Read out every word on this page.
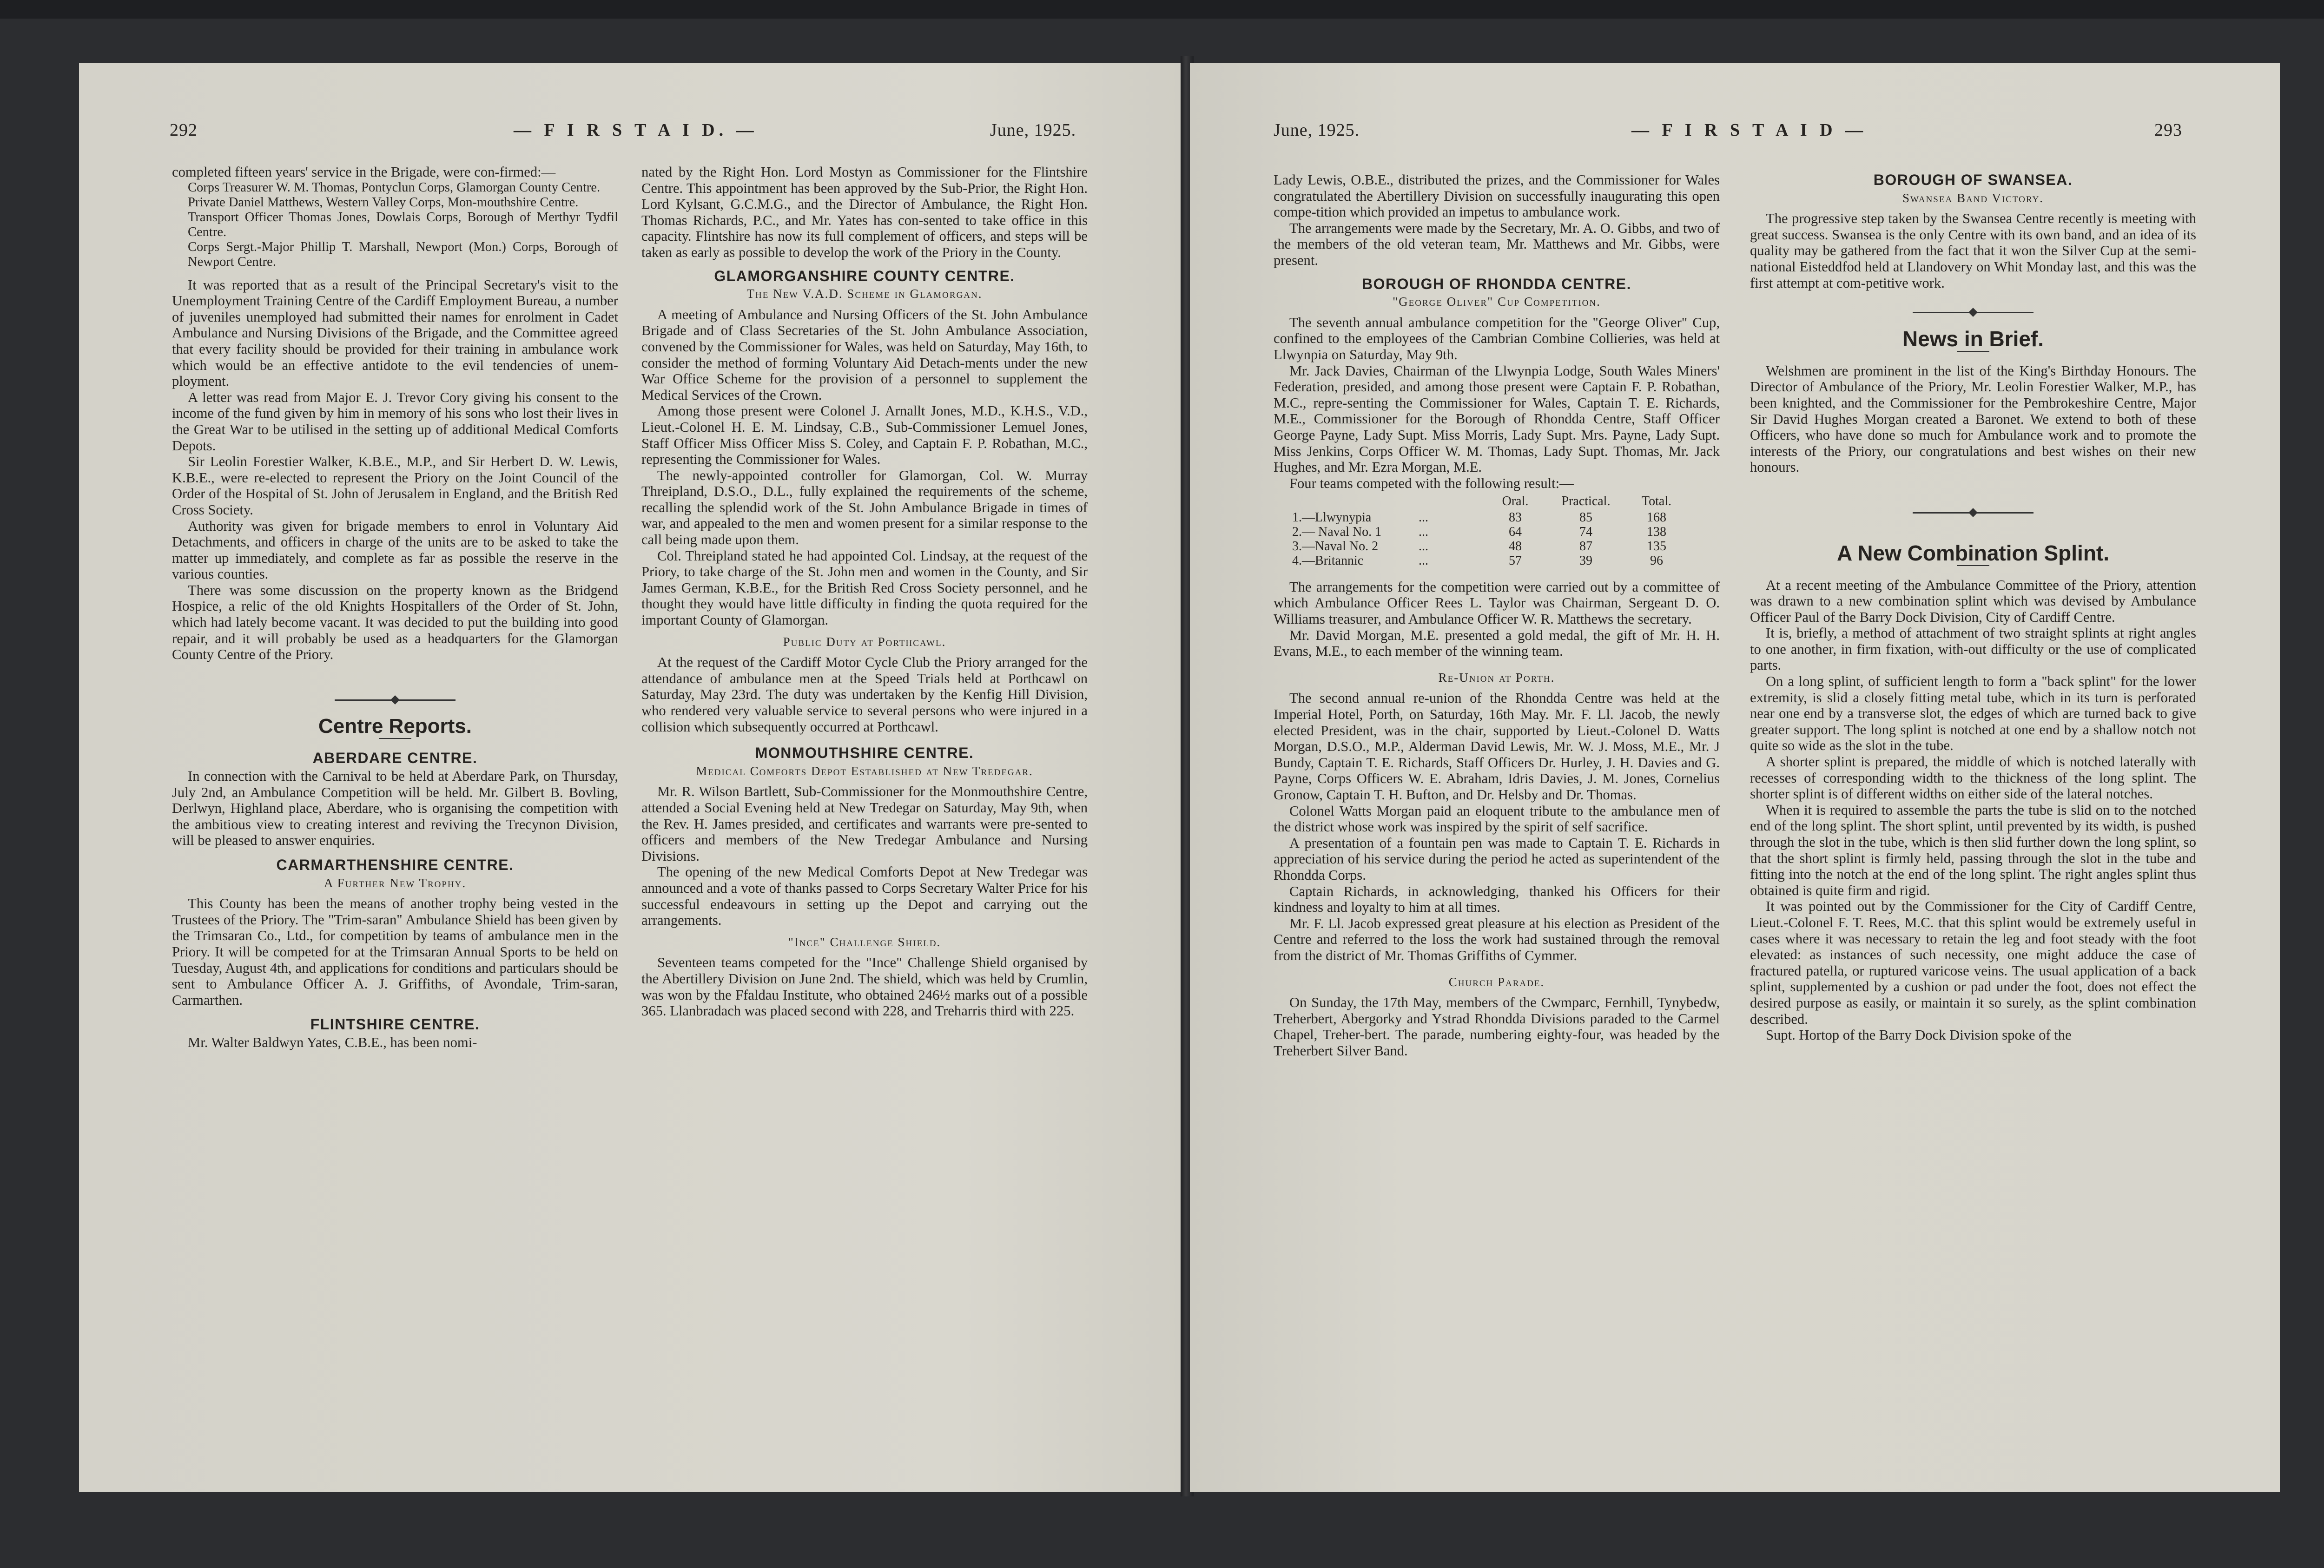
292	— F I R S T A I D. —	June, 1925.

completed fifteen years' service in the Brigade, were con-firmed:—

Corps Treasurer W. M. Thomas, Pontyclun Corps, Glamorgan County Centre.

Private Daniel Matthews, Western Valley Corps, Mon-mouthshire Centre.

Transport Officer Thomas Jones, Dowlais Corps, Borough of Merthyr Tydfil Centre.

Corps Sergt.-Major Phillip T. Marshall, Newport (Mon.) Corps, Borough of Newport Centre.

It was reported that as a result of the Principal Secretary's visit to the Unemployment Training Centre of the Cardiff Employment Bureau, a number of juveniles unemployed had submitted their names for enrolment in Cadet Ambulance and Nursing Divisions of the Brigade, and the Committee agreed that every facility should be provided for their training in ambulance work which would be an effective antidote to the evil tendencies of unem-ployment.

A letter was read from Major E. J. Trevor Cory giving his consent to the income of the fund given by him in memory of his sons who lost their lives in the Great War to be utilised in the setting up of additional Medical Comforts Depots.

Sir Leolin Forestier Walker, K.B.E., M.P., and Sir Herbert D. W. Lewis, K.B.E., were re-elected to represent the Priory on the Joint Council of the Order of the Hospital of St. John of Jerusalem in England, and the British Red Cross Society.

Authority was given for brigade members to enrol in Voluntary Aid Detachments, and officers in charge of the units are to be asked to take the matter up immediately, and complete as far as possible the reserve in the various counties.

There was some discussion on the property known as the Bridgend Hospice, a relic of the old Knights Hospitallers of the Order of St. John, which had lately become vacant. It was decided to put the building into good repair, and it will probably be used as a headquarters for the Glamorgan County Centre of the Priory.

Centre Reports.
ABERDARE CENTRE.

In connection with the Carnival to be held at Aberdare Park, on Thursday, July 2nd, an Ambulance Competition will be held. Mr. Gilbert B. Bovling, Derlwyn, Highland place, Aberdare, who is organising the competition with the ambitious view to creating interest and reviving the Trecynon Division, will be pleased to answer enquiries.

CARMARTHENSHIRE CENTRE.
A Further New Trophy.

This County has been the means of another trophy being vested in the Trustees of the Priory. The "Trim-saran" Ambulance Shield has been given by the Trimsaran Co., Ltd., for competition by teams of ambulance men in the Priory. It will be competed for at the Trimsaran Annual Sports to be held on Tuesday, August 4th, and applications for conditions and particulars should be sent to Ambulance Officer A. J. Griffiths, of Avondale, Trim-saran, Carmarthen.

FLINTSHIRE CENTRE.

Mr. Walter Baldwyn Yates, C.B.E., has been nomi-

nated by the Right Hon. Lord Mostyn as Commissioner for the Flintshire Centre. This appointment has been approved by the Sub-Prior, the Right Hon. Lord Kylsant, G.C.M.G., and the Director of Ambulance, the Right Hon. Thomas Richards, P.C., and Mr. Yates has con-sented to take office in this capacity. Flintshire has now its full complement of officers, and steps will be taken as early as possible to develop the work of the Priory in the County.

GLAMORGANSHIRE COUNTY CENTRE.
The New V.A.D. Scheme in Glamorgan.

A meeting of Ambulance and Nursing Officers of the St. John Ambulance Brigade and of Class Secretaries of the St. John Ambulance Association, convened by the Commissioner for Wales, was held on Saturday, May 16th, to consider the method of forming Voluntary Aid Detach-ments under the new War Office Scheme for the provision of a personnel to supplement the Medical Services of the Crown.

Among those present were Colonel J. Arnallt Jones, M.D., K.H.S., V.D., Lieut.-Colonel H. E. M. Lindsay, C.B., Sub-Commissioner Lemuel Jones, Staff Officer Miss Officer Miss S. Coley, and Captain F. P. Robathan, M.C., representing the Commissioner for Wales.

The newly-appointed controller for Glamorgan, Col. W. Murray Threipland, D.S.O., D.L., fully explained the requirements of the scheme, recalling the splendid work of the St. John Ambulance Brigade in times of war, and appealed to the men and women present for a similar response to the call being made upon them.

Col. Threipland stated he had appointed Col. Lindsay, at the request of the Priory, to take charge of the St. John men and women in the County, and Sir James German, K.B.E., for the British Red Cross Society personnel, and he thought they would have little difficulty in finding the quota required for the important County of Glamorgan.

Public Duty at Porthcawl.

At the request of the Cardiff Motor Cycle Club the Priory arranged for the attendance of ambulance men at the Speed Trials held at Porthcawl on Saturday, May 23rd. The duty was undertaken by the Kenfig Hill Division, who rendered very valuable service to several persons who were injured in a collision which subsequently occurred at Porthcawl.

MONMOUTHSHIRE CENTRE.
Medical Comforts Depot Established at New Tredegar.

Mr. R. Wilson Bartlett, Sub-Commissioner for the Monmouthshire Centre, attended a Social Evening held at New Tredegar on Saturday, May 9th, when the Rev. H. James presided, and certificates and warrants were pre-sented to officers and members of the New Tredegar Ambulance and Nursing Divisions.

The opening of the new Medical Comforts Depot at New Tredegar was announced and a vote of thanks passed to Corps Secretary Walter Price for his successful endeavours in setting up the Depot and carrying out the arrangements.

"Ince" Challenge Shield.

Seventeen teams competed for the "Ince" Challenge Shield organised by the Abertillery Division on June 2nd. The shield, which was held by Crumlin, was won by the Ffaldau Institute, who obtained 246½ marks out of a possible 365. Llanbradach was placed second with 228, and Treharris third with 225.

June, 1925.	— F I R S T A I D —	293

Lady Lewis, O.B.E., distributed the prizes, and the Commissioner for Wales congratulated the Abertillery Division on successfully inaugurating this open compe-tition which provided an impetus to ambulance work.

The arrangements were made by the Secretary, Mr. A. O. Gibbs, and two of the members of the old veteran team, Mr. Matthews and Mr. Gibbs, were present.

BOROUGH OF RHONDDA CENTRE.
"George Oliver" Cup Competition.

The seventh annual ambulance competition for the "George Oliver" Cup, confined to the employees of the Cambrian Combine Collieries, was held at Llwynpia on Saturday, May 9th.

Mr. Jack Davies, Chairman of the Llwynpia Lodge, South Wales Miners' Federation, presided, and among those present were Captain F. P. Robathan, M.C., repre-senting the Commissioner for Wales, Captain T. E. Richards, M.E., Commissioner for the Borough of Rhondda Centre, Staff Officer George Payne, Lady Supt. Miss Morris, Lady Supt. Mrs. Payne, Lady Supt. Miss Jenkins, Corps Officer W. M. Thomas, Lady Supt. Thomas, Mr. Jack Hughes, and Mr. Ezra Morgan, M.E.

Four teams competed with the following result:—

		Oral.	Practical.	Total.
1.—Llwynypia	...	83	85	168
2.— Naval No. 1	...	64	74	138
3.—Naval No. 2	...	48	87	135
4.—Britannic	...	57	39	96

The arrangements for the competition were carried out by a committee of which Ambulance Officer Rees L. Taylor was Chairman, Sergeant D. O. Williams treasurer, and Ambulance Officer W. R. Matthews the secretary.

Mr. David Morgan, M.E. presented a gold medal, the gift of Mr. H. H. Evans, M.E., to each member of the winning team.

Re-Union at Porth.

The second annual re-union of the Rhondda Centre was held at the Imperial Hotel, Porth, on Saturday, 16th May. Mr. F. Ll. Jacob, the newly elected President, was in the chair, supported by Lieut.-Colonel D. Watts Morgan, D.S.O., M.P., Alderman David Lewis, Mr. W. J. Moss, M.E., Mr. J Bundy, Captain T. E. Richards, Staff Officers Dr. Hurley, J. H. Davies and G. Payne, Corps Officers W. E. Abraham, Idris Davies, J. M. Jones, Cornelius Gronow, Captain T. H. Bufton, and Dr. Helsby and Dr. Thomas.

Colonel Watts Morgan paid an eloquent tribute to the ambulance men of the district whose work was inspired by the spirit of self sacrifice.

A presentation of a fountain pen was made to Captain T. E. Richards in appreciation of his service during the period he acted as superintendent of the Rhondda Corps.

Captain Richards, in acknowledging, thanked his Officers for their kindness and loyalty to him at all times.

Mr. F. Ll. Jacob expressed great pleasure at his election as President of the Centre and referred to the loss the work had sustained through the removal from the district of Mr. Thomas Griffiths of Cymmer.

Church Parade.

On Sunday, the 17th May, members of the Cwmparc, Fernhill, Tynybedw, Treherbert, Abergorky and Ystrad Rhondda Divisions paraded to the Carmel Chapel, Treher-bert. The parade, numbering eighty-four, was headed by the Treherbert Silver Band.

BOROUGH OF SWANSEA.
Swansea Band Victory.

The progressive step taken by the Swansea Centre recently is meeting with great success. Swansea is the only Centre with its own band, and an idea of its quality may be gathered from the fact that it won the Silver Cup at the semi-national Eisteddfod held at Llandovery on Whit Monday last, and this was the first attempt at com-petitive work.

News in Brief.

Welshmen are prominent in the list of the King's Birthday Honours. The Director of Ambulance of the Priory, Mr. Leolin Forestier Walker, M.P., has been knighted, and the Commissioner for the Pembrokeshire Centre, Major Sir David Hughes Morgan created a Baronet. We extend to both of these Officers, who have done so much for Ambulance work and to promote the interests of the Priory, our congratulations and best wishes on their new honours.

A New Combination Splint.

At a recent meeting of the Ambulance Committee of the Priory, attention was drawn to a new combination splint which was devised by Ambulance Officer Paul of the Barry Dock Division, City of Cardiff Centre.

It is, briefly, a method of attachment of two straight splints at right angles to one another, in firm fixation, with-out difficulty or the use of complicated parts.

On a long splint, of sufficient length to form a "back splint" for the lower extremity, is slid a closely fitting metal tube, which in its turn is perforated near one end by a transverse slot, the edges of which are turned back to give greater support. The long splint is notched at one end by a shallow notch not quite so wide as the slot in the tube.

A shorter splint is prepared, the middle of which is notched laterally with recesses of corresponding width to the thickness of the long splint. The shorter splint is of different widths on either side of the lateral notches.

When it is required to assemble the parts the tube is slid on to the notched end of the long splint. The short splint, until prevented by its width, is pushed through the slot in the tube, which is then slid further down the long splint, so that the short splint is firmly held, passing through the slot in the tube and fitting into the notch at the end of the long splint. The right angles splint thus obtained is quite firm and rigid.

It was pointed out by the Commissioner for the City of Cardiff Centre, Lieut.-Colonel F. T. Rees, M.C. that this splint would be extremely useful in cases where it was necessary to retain the leg and foot steady with the foot elevated: as instances of such necessity, one might adduce the case of fractured patella, or ruptured varicose veins. The usual application of a back splint, supplemented by a cushion or pad under the foot, does not effect the desired purpose as easily, or maintain it so surely, as the splint combination described.

Supt. Hortop of the Barry Dock Division spoke of the
